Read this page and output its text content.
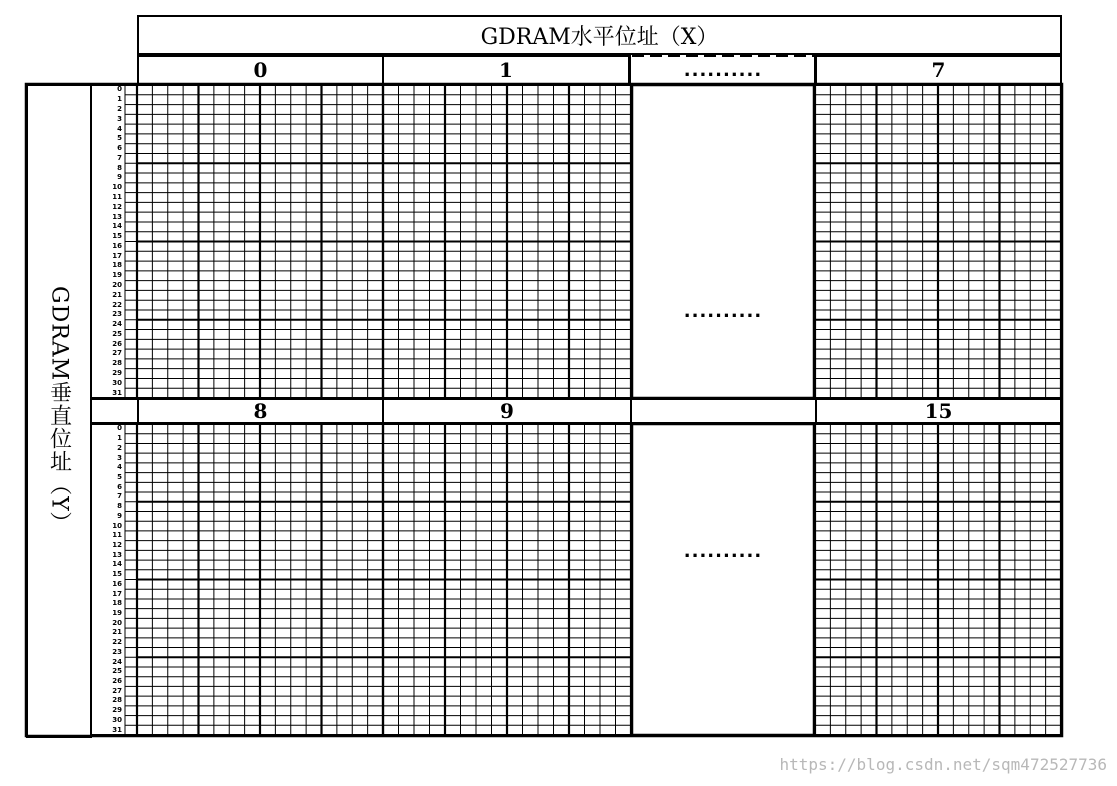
GDRAM水平位址（X）
0	1	..........	7
GDRAM垂直位址（Y）	8	9	15
..........
..........
0
1
2
3
4
5
6
7
8
9
10
11
12
13
14
15
16
17
18
19
20
21
22
23
24
25
26
27
28
29
30
31
0
1
2
3
4
5
6
7
8
9
10
11
12
13
14
15
16
17
18
19
20
21
22
23
24
25
26
27
28
29
30
31
https://blog.csdn.net/sqm472527736
